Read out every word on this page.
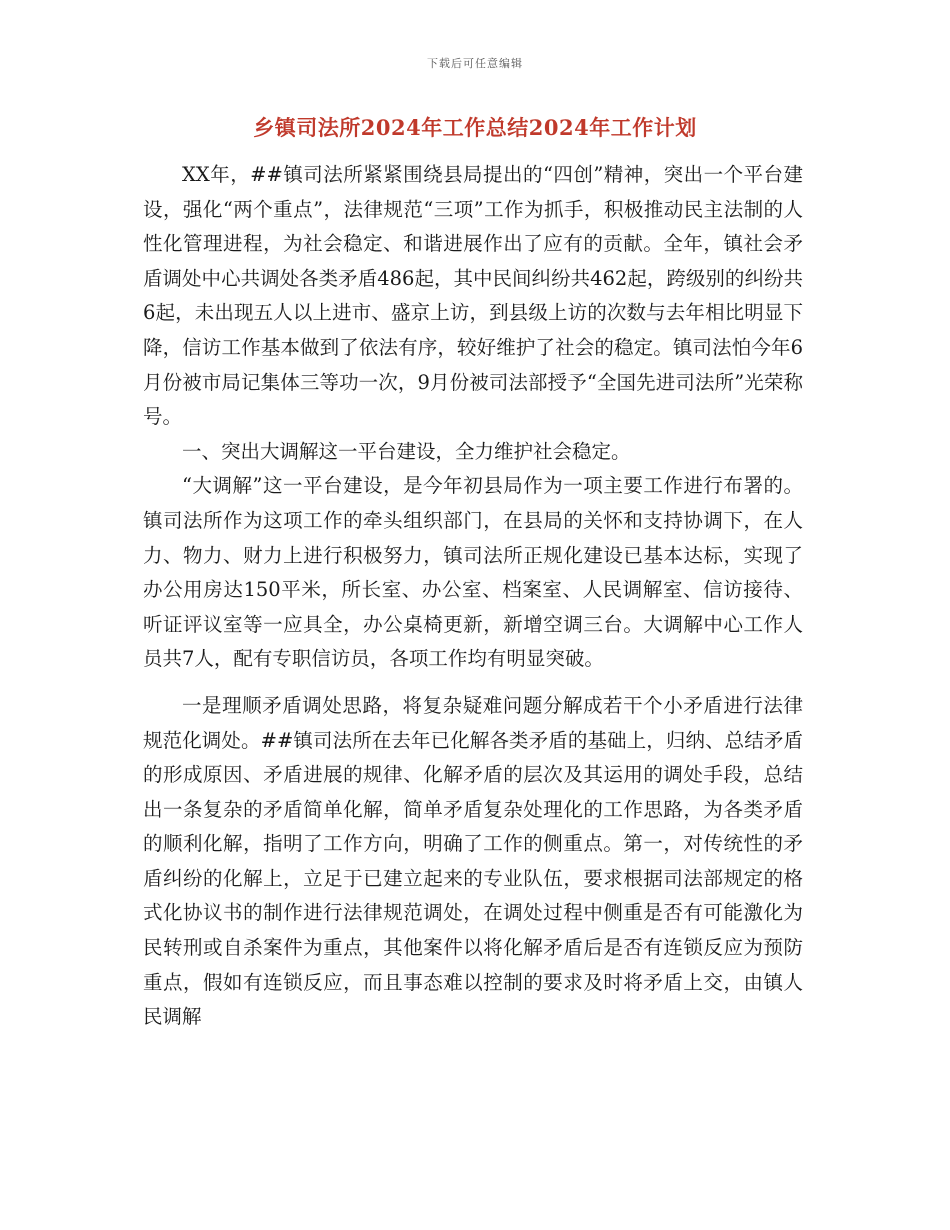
下载后可任意编辑
乡镇司法所2024年工作总结2024年工作计划

XX年，##镇司法所紧紧围绕县局提出的“四创”精神，突出一个平台建设，强化“两个重点”，法律规范“三项”工作为抓手，积极推动民主法制的人性化管理进程，为社会稳定、和谐进展作出了应有的贡献。全年，镇社会矛盾调处中心共调处各类矛盾486起，其中民间纠纷共462起，跨级别的纠纷共6起，未出现五人以上进市、盛京上访，到县级上访的次数与去年相比明显下降，信访工作基本做到了依法有序，较好维护了社会的稳定。镇司法怕今年6月份被市局记集体三等功一次，9月份被司法部授予“全国先进司法所”光荣称号。

一、突出大调解这一平台建设，全力维护社会稳定。

“大调解”这一平台建设，是今年初县局作为一项主要工作进行布署的。镇司法所作为这项工作的牵头组织部门，在县局的关怀和支持协调下，在人力、物力、财力上进行积极努力，镇司法所正规化建设已基本达标，实现了办公用房达150平米，所长室、办公室、档案室、人民调解室、信访接待、听证评议室等一应具全，办公桌椅更新，新增空调三台。大调解中心工作人员共7人，配有专职信访员，各项工作均有明显突破。

一是理顺矛盾调处思路，将复杂疑难问题分解成若干个小矛盾进行法律规范化调处。##镇司法所在去年已化解各类矛盾的基础上，归纳、总结矛盾的形成原因、矛盾进展的规律、化解矛盾的层次及其运用的调处手段，总结出一条复杂的矛盾简单化解，简单矛盾复杂处理化的工作思路，为各类矛盾的顺利化解，指明了工作方向，明确了工作的侧重点。第一，对传统性的矛盾纠纷的化解上，立足于已建立起来的专业队伍，要求根据司法部规定的格式化协议书的制作进行法律规范调处，在调处过程中侧重是否有可能激化为民转刑或自杀案件为重点，其他案件以将化解矛盾后是否有连锁反应为预防重点，假如有连锁反应，而且事态难以控制的要求及时将矛盾上交，由镇人民调解
